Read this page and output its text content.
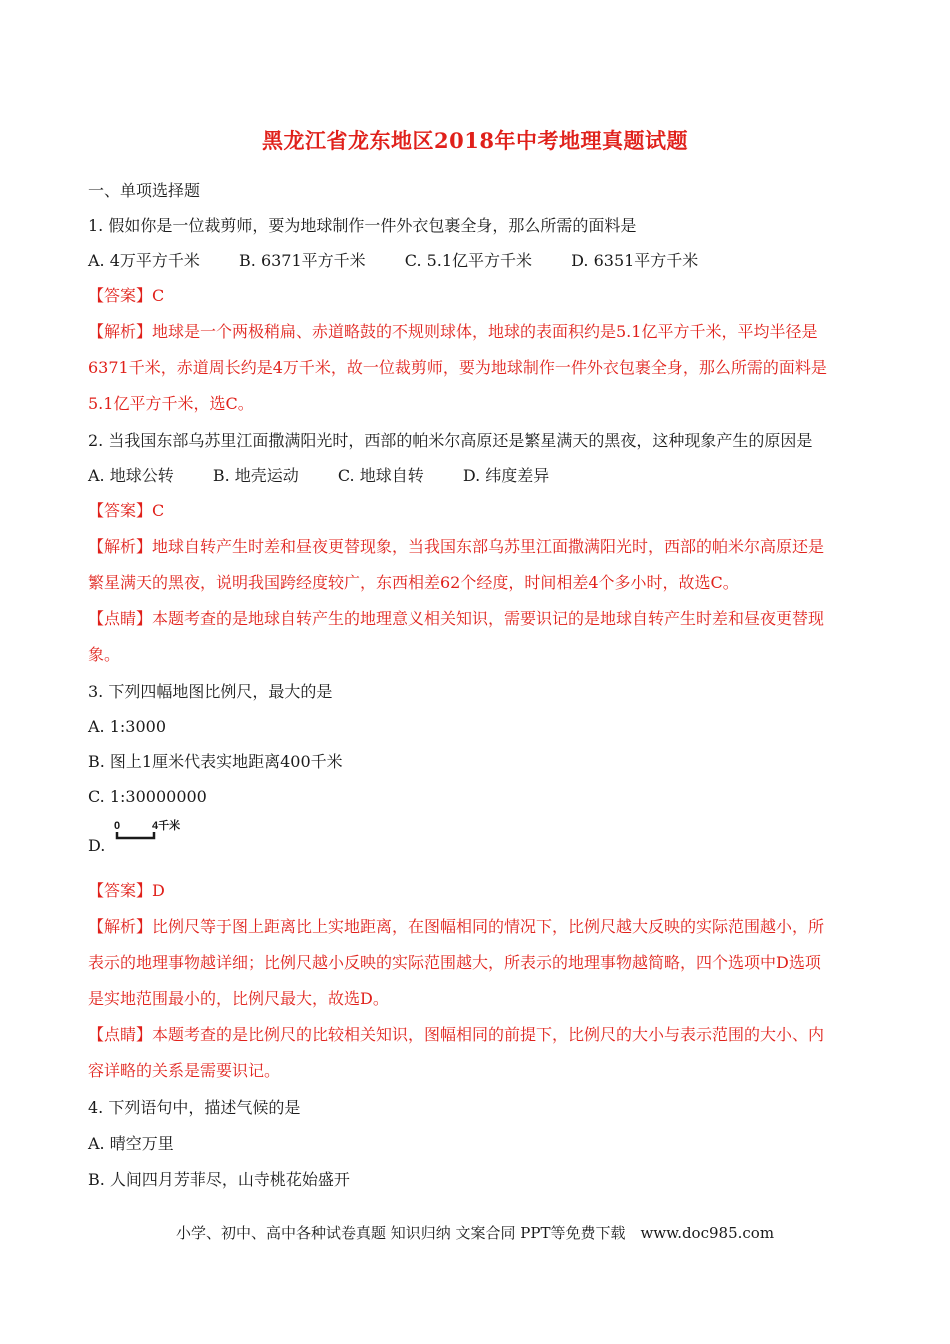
黑龙江省龙东地区2018年中考地理真题试题
一、单项选择题
1. 假如你是一位裁剪师，要为地球制作一件外衣包裹全身，那么所需的面料是
A. 4万平方千米 B. 6371平方千米 C. 5.1亿平方千米 D. 6351平方千米
【答案】C
【解析】地球是一个两极稍扁、赤道略鼓的不规则球体，地球的表面积约是5.1亿平方千米，平均半径是
6371千米，赤道周长约是4万千米，故一位裁剪师，要为地球制作一件外衣包裹全身，那么所需的面料是
5.1亿平方千米，选C。
2. 当我国东部乌苏里江面撒满阳光时，西部的帕米尔高原还是繁星满天的黑夜，这种现象产生的原因是
A. 地球公转 B. 地壳运动 C. 地球自转 D. 纬度差异
【答案】C
【解析】地球自转产生时差和昼夜更替现象，当我国东部乌苏里江面撒满阳光时，西部的帕米尔高原还是
繁星满天的黑夜，说明我国跨经度较广，东西相差62个经度，时间相差4个多小时，故选C。
【点睛】本题考查的是地球自转产生的地理意义相关知识，需要识记的是地球自转产生时差和昼夜更替现
象。
3. 下列四幅地图比例尺，最大的是
A. 1:3000
B. 图上1厘米代表实地距离400千米
C. 1:30000000
D.
0	4千米
【答案】D
【解析】比例尺等于图上距离比上实地距离，在图幅相同的情况下，比例尺越大反映的实际范围越小，所
表示的地理事物越详细；比例尺越小反映的实际范围越大，所表示的地理事物越简略，四个选项中D选项
是实地范围最小的，比例尺最大，故选D。
【点睛】本题考查的是比例尺的比较相关知识，图幅相同的前提下，比例尺的大小与表示范围的大小、内
容详略的关系是需要识记。
4. 下列语句中，描述气候的是
A. 晴空万里
B. 人间四月芳菲尽，山寺桃花始盛开
小学、初中、高中各种试卷真题 知识归纳 文案合同 PPT等免费下载　www.doc985.com
